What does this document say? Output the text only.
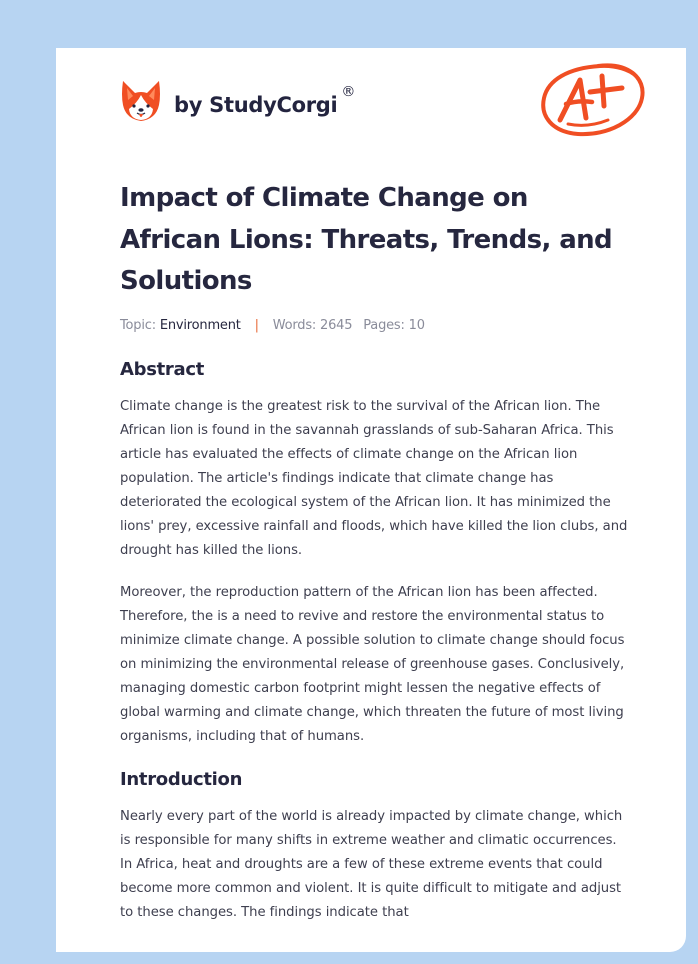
by StudyCorgi
®
Impact of Climate Change on African Lions: Threats, Trends, and Solutions
Topic: Environment | Words: 2645 Pages: 10
Abstract

Climate change is the greatest risk to the survival of the African lion. The African lion is found in the savannah grasslands of sub-Saharan Africa. This article has evaluated the effects of climate change on the African lion population. The article's findings indicate that climate change has deteriorated the ecological system of the African lion. It has minimized the lions' prey, excessive rainfall and floods, which have killed the lion clubs, and drought has killed the lions.

Moreover, the reproduction pattern of the African lion has been affected. Therefore, the is a need to revive and restore the environmental status to minimize climate change. A possible solution to climate change should focus on minimizing the environmental release of greenhouse gases. Conclusively, managing domestic carbon footprint might lessen the negative effects of global warming and climate change, which threaten the future of most living organisms, including that of humans.

Introduction

Nearly every part of the world is already impacted by climate change, which is responsible for many shifts in extreme weather and climatic occurrences. In Africa, heat and droughts are a few of these extreme events that could become more common and violent. It is quite difficult to mitigate and adjust to these changes. The findings indicate that
